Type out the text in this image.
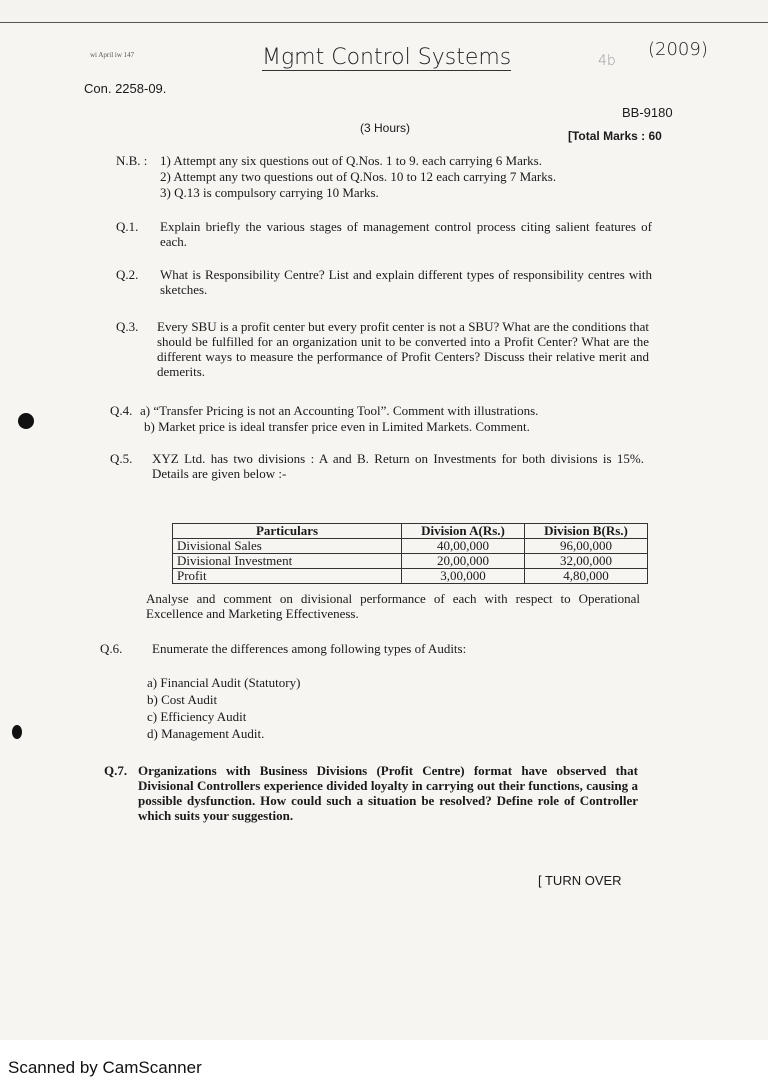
wi April iw 147	Mgmt Control Systems	4b
(2009)
Con. 2258-09.
BB-9180
(3 Hours)
[Total Marks : 60
N.B. : 1) Attempt any six questions out of Q.Nos. 1 to 9. each carrying 6 Marks.
2) Attempt any two questions out of Q.Nos. 10 to 12 each carrying 7 Marks.
3) Q.13 is compulsory carrying 10 Marks.
Q.1. Explain briefly the various stages of management control process citing salient features of each.
Q.2. What is Responsibility Centre? List and explain different types of responsibility centres with sketches.
Q.3. Every SBU is a profit center but every profit center is not a SBU? What are the conditions that should be fulfilled for an organization unit to be converted into a Profit Center? What are the different ways to measure the performance of Profit Centers? Discuss their relative merit and demerits.
Q.4. a) “Transfer Pricing is not an Accounting Tool”. Comment with illustrations.
b) Market price is ideal transfer price even in Limited Markets. Comment.
Q.5. XYZ Ltd. has two divisions : A and B. Return on Investments for both divisions is 15%. Details are given below :-
Particulars	Division A(Rs.)	Division B(Rs.)
Divisional Sales	40,00,000	96,00,000
Divisional Investment	20,00,000	32,00,000
Profit	3,00,000	4,80,000
Analyse and comment on divisional performance of each with respect to Operational Excellence and Marketing Effectiveness.
Q.6. Enumerate the differences among following types of Audits:
a) Financial Audit (Statutory)
b) Cost Audit
c) Efficiency Audit
d) Management Audit.
Q.7. Organizations with Business Divisions (Profit Centre) format have observed that Divisional Controllers experience divided loyalty in carrying out their functions, causing a possible dysfunction. How could such a situation be resolved? Define role of Controller which suits your suggestion.
[ TURN OVER
Scanned by CamScanner
